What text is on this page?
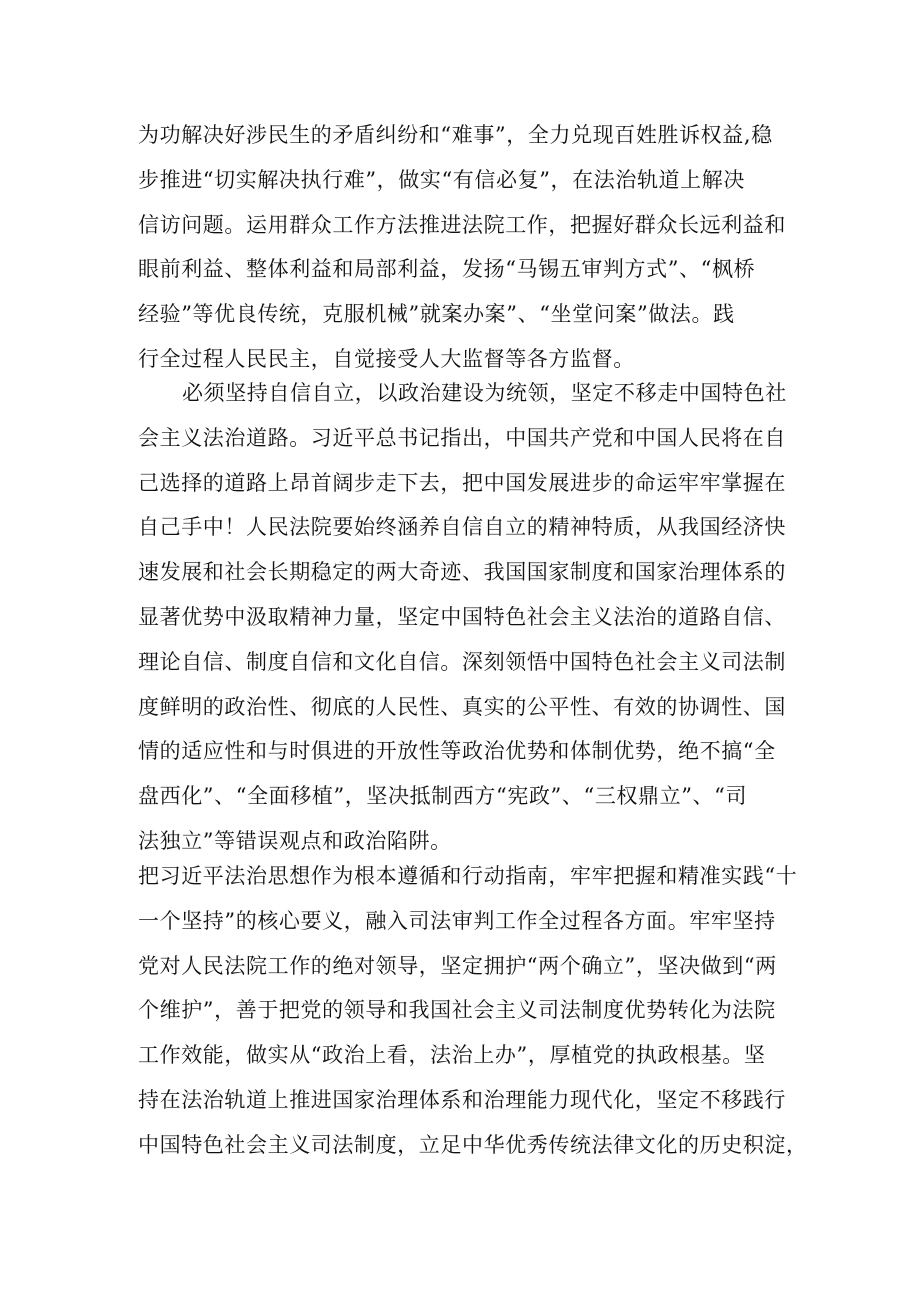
为功解决好涉民生的矛盾纠纷和“难事”，全力兑现百姓胜诉权益,稳
步推进“切实解决执行难”，做实“有信必复”，在法治轨道上解决
信访问题。运用群众工作方法推进法院工作，把握好群众长远利益和
眼前利益、整体利益和局部利益，发扬“马锡五审判方式”、“枫桥
经验”等优良传统，克服机械”就案办案”、“坐堂问案”做法。践
行全过程人民民主，自觉接受人大监督等各方监督。
必须坚持自信自立，以政治建设为统领，坚定不移走中国特色社
会主义法治道路。习近平总书记指出，中国共产党和中国人民将在自
己选择的道路上昂首阔步走下去，把中国发展进步的命运牢牢掌握在
自己手中！人民法院要始终涵养自信自立的精神特质，从我国经济快
速发展和社会长期稳定的两大奇迹、我国国家制度和国家治理体系的
显著优势中汲取精神力量，坚定中国特色社会主义法治的道路自信、
理论自信、制度自信和文化自信。深刻领悟中国特色社会主义司法制
度鲜明的政治性、彻底的人民性、真实的公平性、有效的协调性、国
情的适应性和与时俱进的开放性等政治优势和体制优势，绝不搞“全
盘西化”、“全面移植”，坚决抵制西方“宪政”、“三权鼎立”、“司
法独立”等错误观点和政治陷阱。
把习近平法治思想作为根本遵循和行动指南，牢牢把握和精准实践“十
一个坚持”的核心要义，融入司法审判工作全过程各方面。牢牢坚持
党对人民法院工作的绝对领导，坚定拥护“两个确立”，坚决做到“两
个维护”，善于把党的领导和我国社会主义司法制度优势转化为法院
工作效能，做实从“政治上看，法治上办”，厚植党的执政根基。坚
持在法治轨道上推进国家治理体系和治理能力现代化，坚定不移践行
中国特色社会主义司法制度，立足中华优秀传统法律文化的历史积淀，
